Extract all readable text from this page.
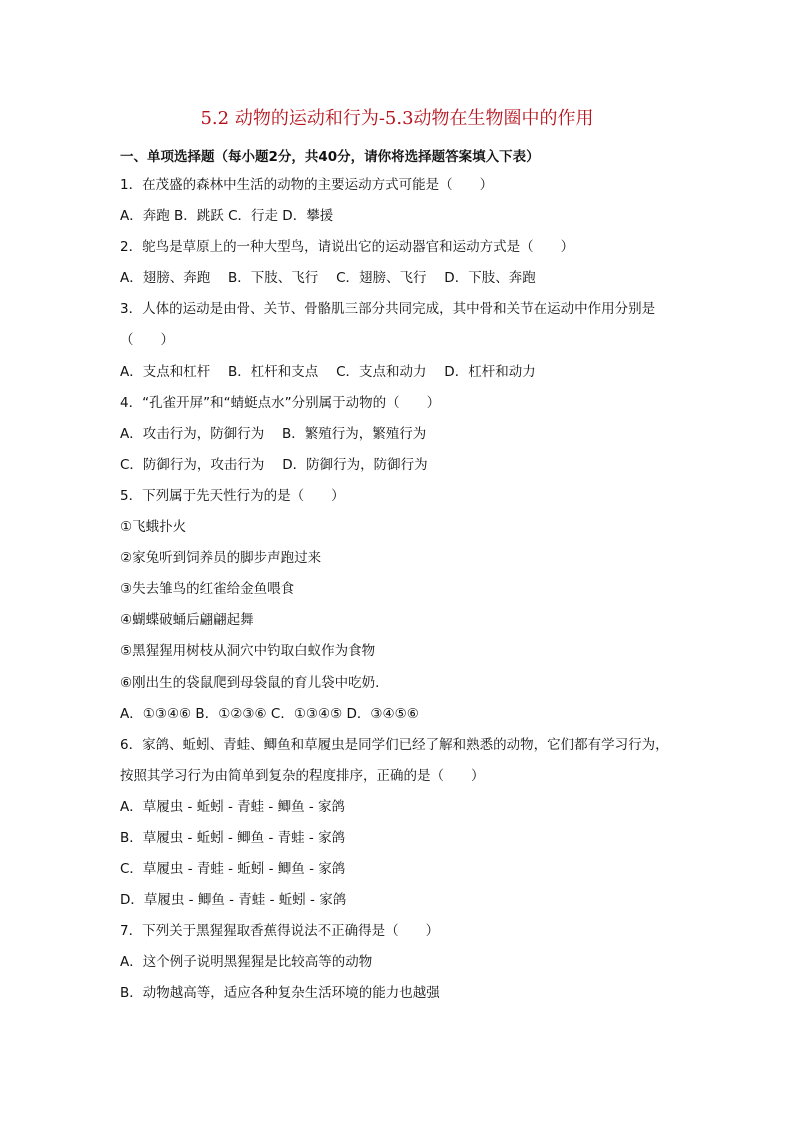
5.2 动物的运动和行为-5.3动物在生物圈中的作用
一、单项选择题（每小题2分，共40分，请你将选择题答案填入下表）
1．在茂盛的森林中生活的动物的主要运动方式可能是（　　）
A．奔跑 B．跳跃 C．行走 D．攀援
2．鸵鸟是草原上的一种大型鸟，请说出它的运动器官和运动方式是（　　）
A．翅膀、奔跑　 B．下肢、飞行　 C．翅膀、飞行　 D．下肢、奔跑
3．人体的运动是由骨、关节、骨骼肌三部分共同完成，其中骨和关节在运动中作用分别是
（　　）
A．支点和杠杆　 B．杠杆和支点　 C．支点和动力　 D．杠杆和动力
4．“孔雀开屏”和“蜻蜓点水”分别属于动物的（　　）
A．攻击行为，防御行为　 B．繁殖行为，繁殖行为
C．防御行为，攻击行为　 D．防御行为，防御行为
5．下列属于先天性行为的是（　　）
①飞蛾扑火
②家兔听到饲养员的脚步声跑过来
③失去雏鸟的红雀给金鱼喂食
④蝴蝶破蛹后翩翩起舞
⑤黑猩猩用树枝从洞穴中钓取白蚁作为食物
⑥刚出生的袋鼠爬到母袋鼠的育儿袋中吃奶.
A．①③④⑥ B．①②③⑥ C．①③④⑤ D．③④⑤⑥
6．家鸽、蚯蚓、青蛙、鲫鱼和草履虫是同学们已经了解和熟悉的动物，它们都有学习行为，
按照其学习行为由简单到复杂的程度排序，正确的是（　　）
A．草履虫 - 蚯蚓 - 青蛙 - 鲫鱼 - 家鸽
B．草履虫 - 蚯蚓 - 鲫鱼 - 青蛙 - 家鸽
C．草履虫 - 青蛙 - 蚯蚓 - 鲫鱼 - 家鸽
D．草履虫 - 鲫鱼 - 青蛙 - 蚯蚓 - 家鸽
7．下列关于黑猩猩取香蕉得说法不正确得是（　　）
A．这个例子说明黑猩猩是比较高等的动物
B．动物越高等，适应各种复杂生活环境的能力也越强
